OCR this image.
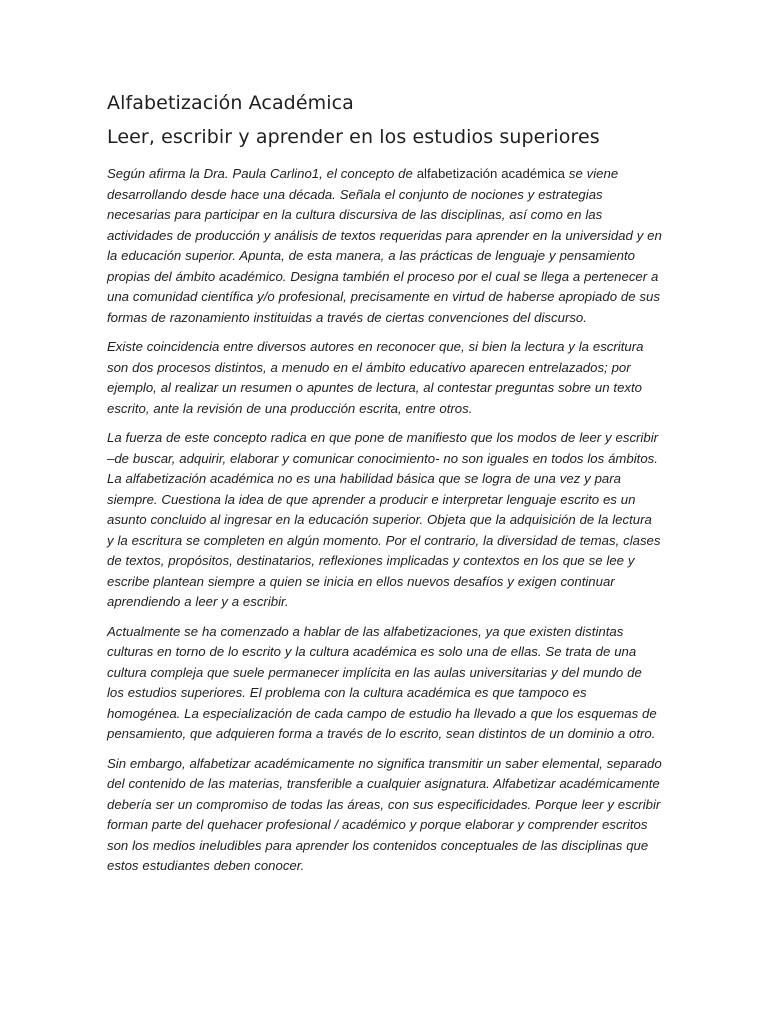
Alfabetización Académica
Leer, escribir y aprender en los estudios superiores

Según afirma la Dra. Paula Carlino1, el concepto de alfabetización académica se viene desarrollando desde hace una década. Señala el conjunto de nociones y estrategias necesarias para participar en la cultura discursiva de las disciplinas, así como en las actividades de producción y análisis de textos requeridas para aprender en la universidad y en la educación superior. Apunta, de esta manera, a las prácticas de lenguaje y pensamiento propias del ámbito académico. Designa también el proceso por el cual se llega a pertenecer a una comunidad científica y/o profesional, precisamente en virtud de haberse apropiado de sus formas de razonamiento instituidas a través de ciertas convenciones del discurso.

Existe coincidencia entre diversos autores en reconocer que, si bien la lectura y la escritura son dos procesos distintos, a menudo en el ámbito educativo aparecen entrelazados; por ejemplo, al realizar un resumen o apuntes de lectura, al contestar preguntas sobre un texto escrito, ante la revisión de una producción escrita, entre otros.

La fuerza de este concepto radica en que pone de manifiesto que los modos de leer y escribir –de buscar, adquirir, elaborar y comunicar conocimiento- no son iguales en todos los ámbitos. La alfabetización académica no es una habilidad básica que se logra de una vez y para siempre. Cuestiona la idea de que aprender a producir e interpretar lenguaje escrito es un asunto concluido al ingresar en la educación superior. Objeta que la adquisición de la lectura y la escritura se completen en algún momento. Por el contrario, la diversidad de temas, clases de textos, propósitos, destinatarios, reflexiones implicadas y contextos en los que se lee y escribe plantean siempre a quien se inicia en ellos nuevos desafíos y exigen continuar aprendiendo a leer y a escribir.

Actualmente se ha comenzado a hablar de las alfabetizaciones, ya que existen distintas culturas en torno de lo escrito y la cultura académica es solo una de ellas. Se trata de una cultura compleja que suele permanecer implícita en las aulas universitarias y del mundo de los estudios superiores. El problema con la cultura académica es que tampoco es homogénea. La especialización de cada campo de estudio ha llevado a que los esquemas de pensamiento, que adquieren forma a través de lo escrito, sean distintos de un dominio a otro.

Sin embargo, alfabetizar académicamente no significa transmitir un saber elemental, separado del contenido de las materias, transferible a cualquier asignatura. Alfabetizar académicamente debería ser un compromiso de todas las áreas, con sus especificidades. Porque leer y escribir forman parte del quehacer profesional / académico y porque elaborar y comprender escritos son los medios ineludibles para aprender los contenidos conceptuales de las disciplinas que estos estudiantes deben conocer.
